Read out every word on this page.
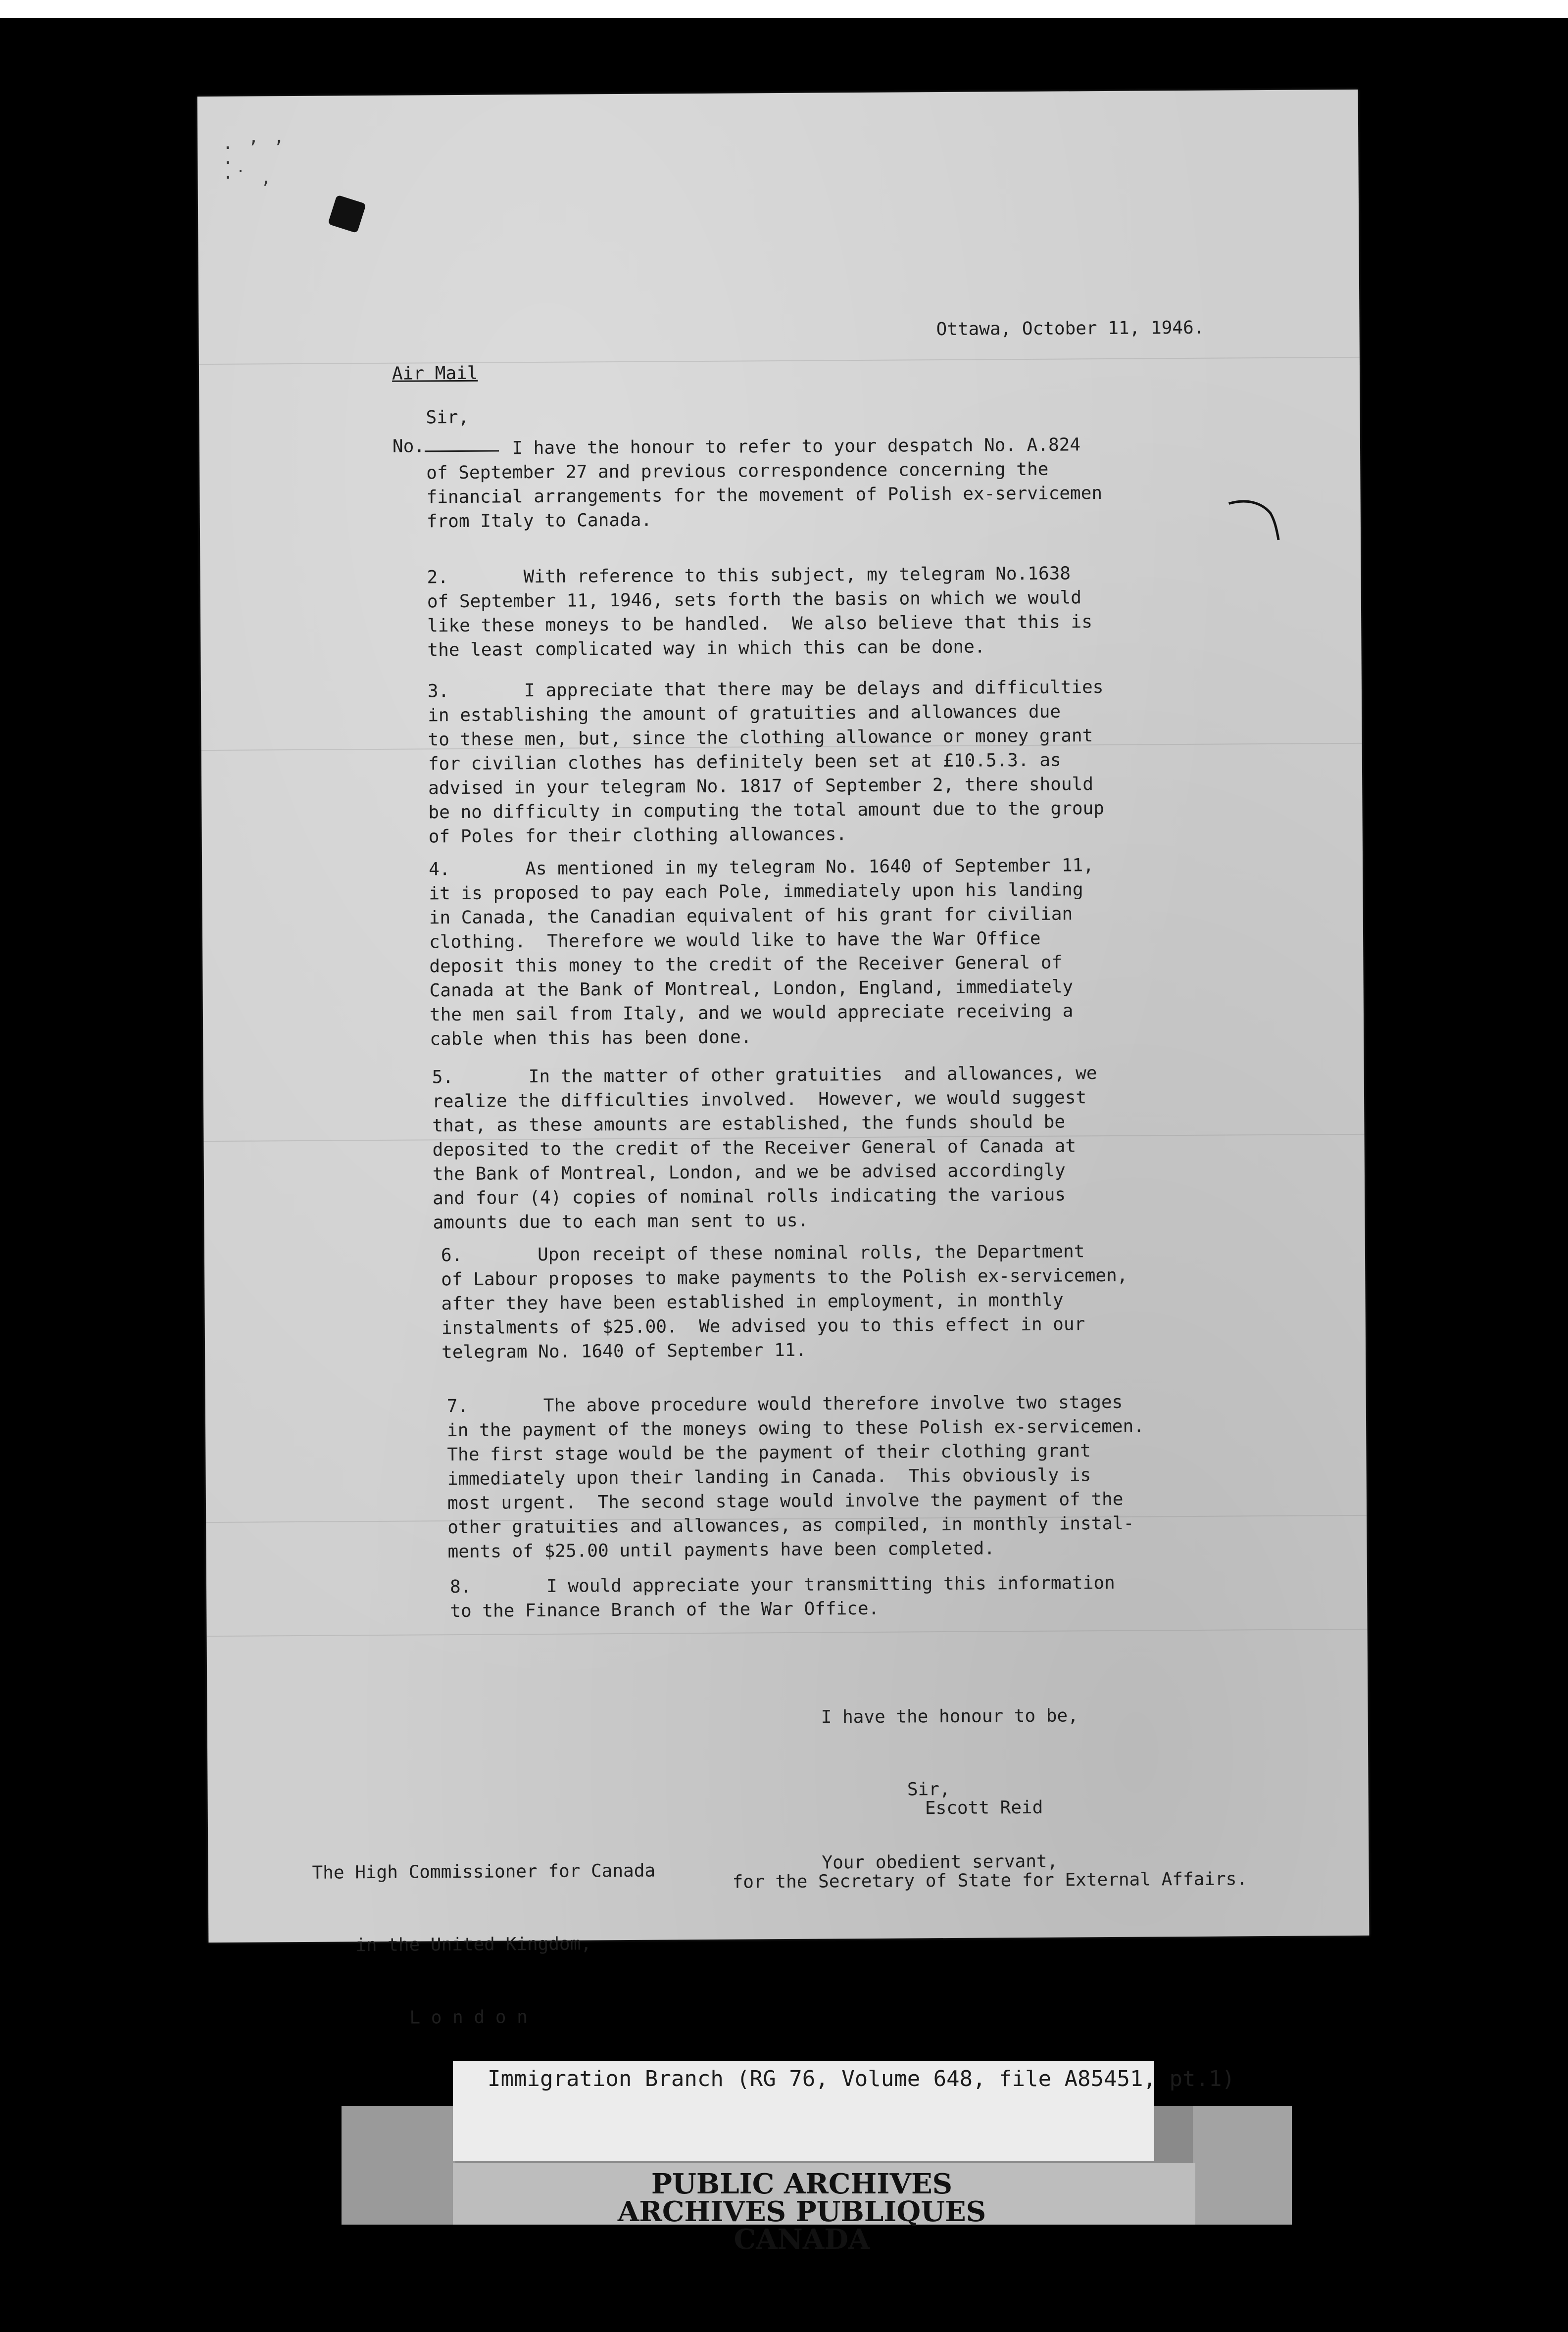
· ʼ ʼ ·
·˙ ,

Air Mail

No.

Ottawa, October 11, 1946.

Sir,

I have the honour to refer to your despatch No. A.824
of September 27 and previous correspondence concerning the
financial arrangements for the movement of Polish ex-servicemen
from Italy to Canada.
2.       With reference to this subject, my telegram No.1638
of September 11, 1946, sets forth the basis on which we would
like these moneys to be handled.  We also believe that this is
the least complicated way in which this can be done.
3.       I appreciate that there may be delays and difficulties
in establishing the amount of gratuities and allowances due
to these men, but, since the clothing allowance or money grant
for civilian clothes has definitely been set at £10.5.3. as
advised in your telegram No. 1817 of September 2, there should
be no difficulty in computing the total amount due to the group
of Poles for their clothing allowances.
4.       As mentioned in my telegram No. 1640 of September 11,
it is proposed to pay each Pole, immediately upon his landing
in Canada, the Canadian equivalent of his grant for civilian
clothing.  Therefore we would like to have the War Office
deposit this money to the credit of the Receiver General of
Canada at the Bank of Montreal, London, England, immediately
the men sail from Italy, and we would appreciate receiving a
cable when this has been done.
5.       In the matter of other gratuities  and allowances, we
realize the difficulties involved.  However, we would suggest
that, as these amounts are established, the funds should be
deposited to the credit of the Receiver General of Canada at
the Bank of Montreal, London, and we be advised accordingly
and four (4) copies of nominal rolls indicating the various
amounts due to each man sent to us.
6.       Upon receipt of these nominal rolls, the Department
of Labour proposes to make payments to the Polish ex-servicemen,
after they have been established in employment, in monthly
instalments of $25.00.  We advised you to this effect in our
telegram No. 1640 of September 11.
7.       The above procedure would therefore involve two stages
in the payment of the moneys owing to these Polish ex-servicemen.
The first stage would be the payment of their clothing grant
immediately upon their landing in Canada.  This obviously is
most urgent.  The second stage would involve the payment of the
other gratuities and allowances, as compiled, in monthly instal-
ments of $25.00 until payments have been completed.
8.       I would appreciate your transmitting this information
to the Finance Branch of the War Office.

I have the honour to be,

Sir,

Your obedient servant,

Escott Reid

for the Secretary of State for External Affairs.

The High Commissioner for Canada

in the United Kingdom,

L o n d o n

Immigration Branch (RG 76, Volume 648, file A85451, pt.1)
PUBLIC ARCHIVES
ARCHIVES PUBLIQUES
CANADA
